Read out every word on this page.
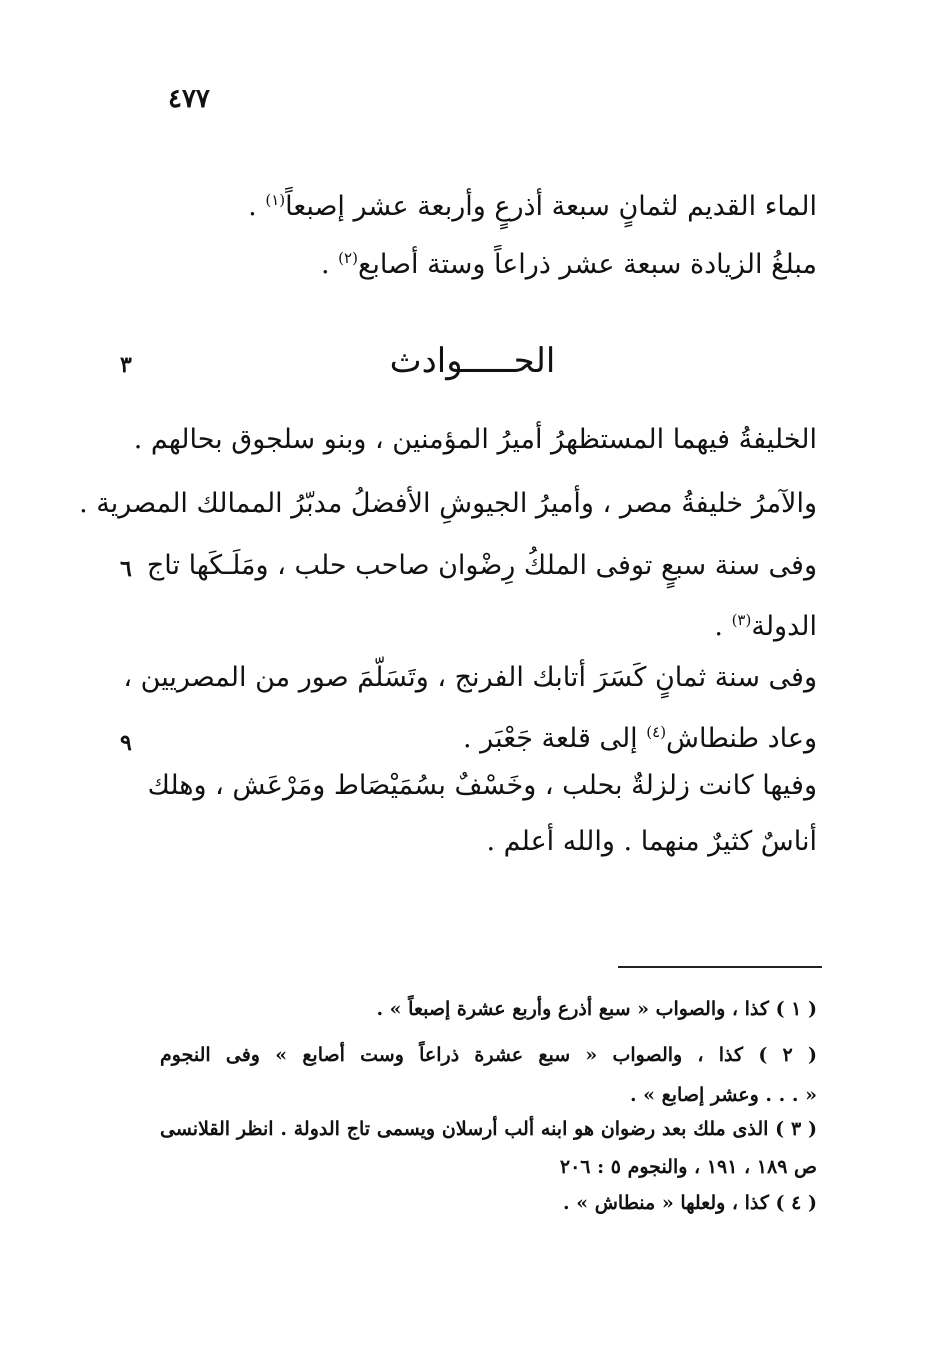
٤٧٧
الماء القديم لثمانٍ سبعة أذرعٍ وأربعة عشر إصبعاً$^{(١)}$ .
مبلغُ الزيادة سبعة عشر ذراعاً وستة أصابع$^{(٢)}$ .
الحـــــوادث
٣
الخليفةُ فيهما المستظهرُ أميرُ المؤمنين ، وبنو سلجوق بحالهم .
والآمرُ خليفةُ مصر ، وأميرُ الجيوشِ الأفضلُ مدبّرُ الممالك المصرية .
وفى سنة سبعٍ توفى الملكُ رِضْوان صاحب حلب ، ومَلَـكَها تاج
٦
الدولة$^{(٣)}$ .
وفى سنة ثمانٍ كَسَرَ أتابك الفرنج ، وتَسَلّمَ صور من المصريين ،
وعاد طنطاش$^{(٤)}$ إلى قلعة جَعْبَر .
٩
وفيها كانت زلزلةٌ بحلب ، وخَسْفٌ بسُمَيْصَاط ومَرْعَش ، وهلك
أناسٌ كثيرٌ منهما . والله أعلم .
( ١ ) كذا ، والصواب « سبع أذرع وأربع عشرة إصبعاً » .
( ٢ ) كذا ، والصواب « سبع عشرة ذراعاً وست أصابع » وفى النجوم
« . . . وعشر إصابع » .
( ٣ ) الذى ملك بعد رضوان هو ابنه ألب أرسلان ويسمى تاج الدولة . انظر القلانسى
ص ١٨٩ ، ١٩١ ، والنجوم ٥ : ٢٠٦
( ٤ ) كذا ، ولعلها « منطاش » .
